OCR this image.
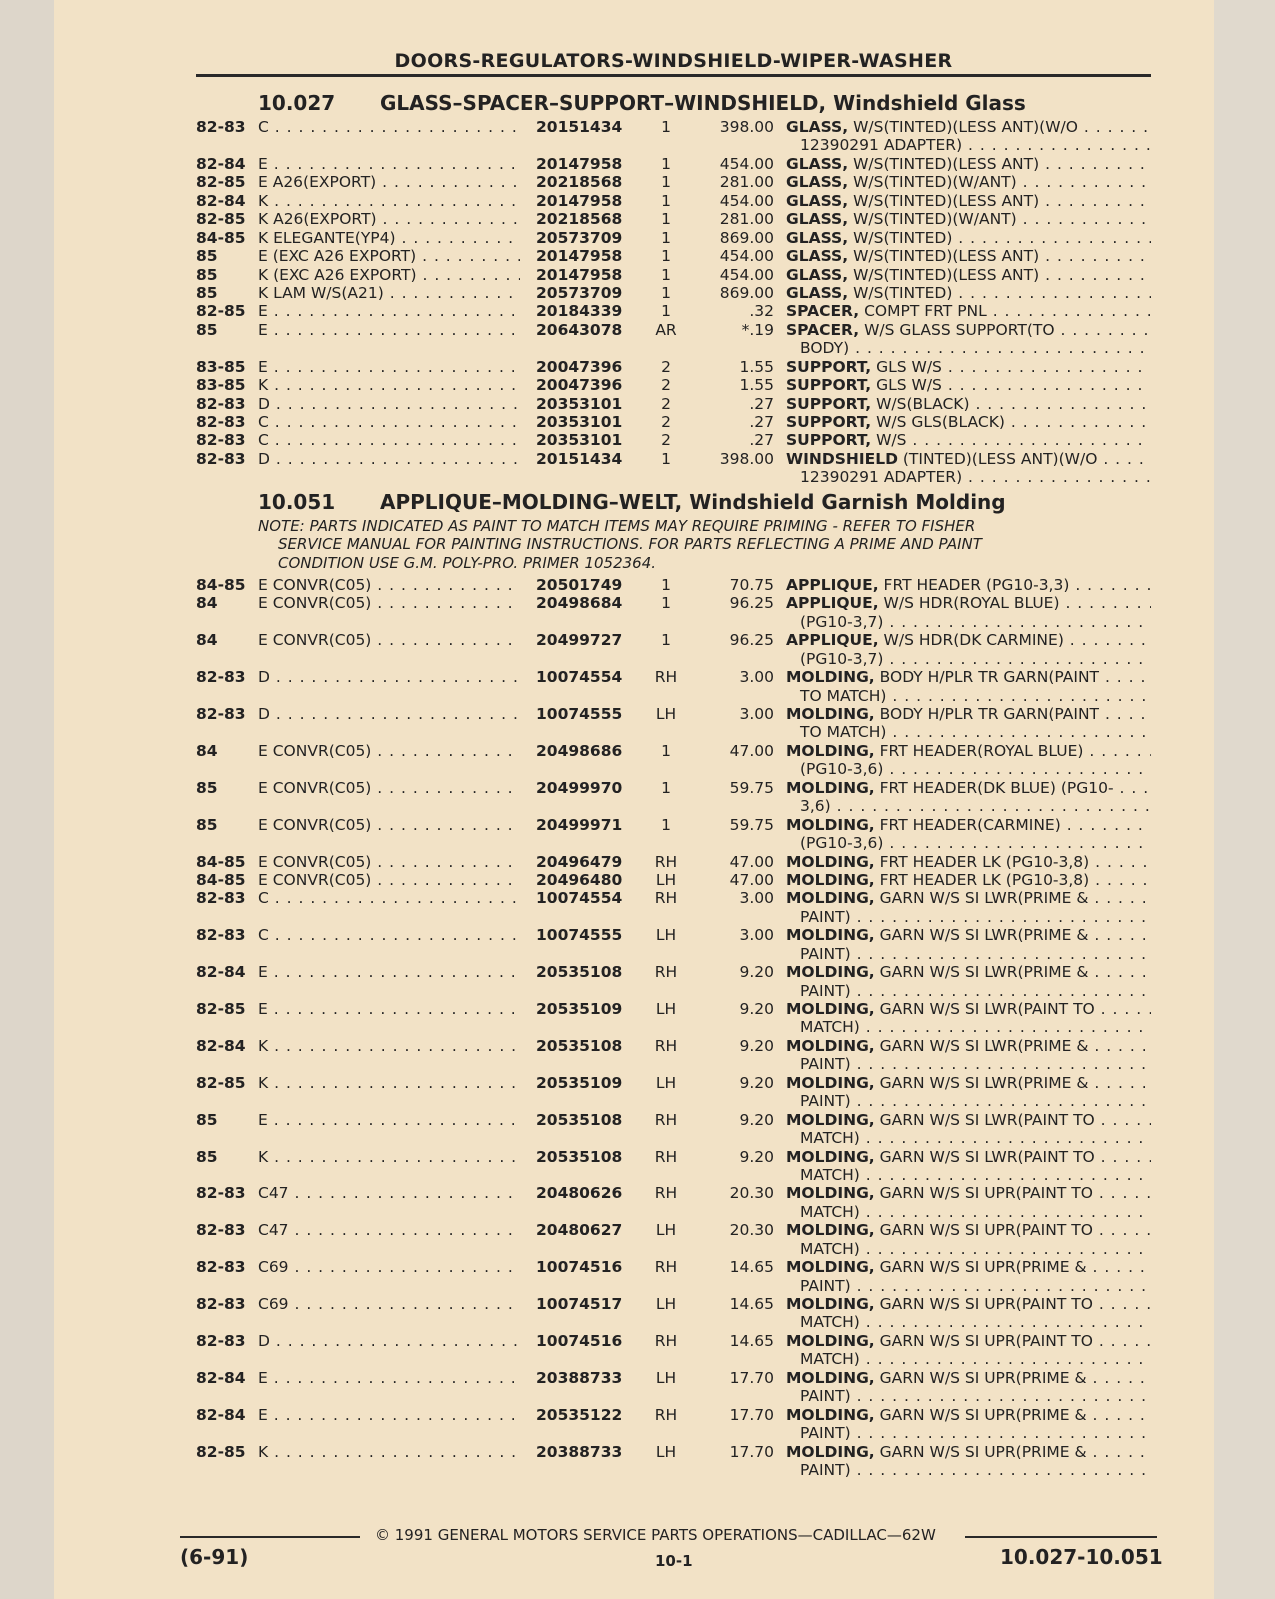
DOORS-REGULATORS-WINDSHIELD-WIPER-WASHER
10.027 GLASS–SPACER–SUPPORT–WINDSHIELD, Windshield Glass
82-83 C . . .	20151434	1	398.00 GLASS, W/S(TINTED)(LESS ANT)(W/O . . .
12390291 ADAPTER) . . .
82-84 E . . .	20147958	1	454.00 GLASS, W/S(TINTED)(LESS ANT) . . .
82-85 E A26(EXPORT) . . .	20218568	1	281.00 GLASS, W/S(TINTED)(W/ANT) . . .
82-84 K . . .	20147958	1	454.00 GLASS, W/S(TINTED)(LESS ANT) . . .
82-85 K A26(EXPORT) . . .	20218568	1	281.00 GLASS, W/S(TINTED)(W/ANT) . . .
84-85 K ELEGANTE(YP4) . . .	20573709	1	869.00 GLASS, W/S(TINTED) . . .
85	E (EXC A26 EXPORT) . . .	20147958	1	454.00 GLASS, W/S(TINTED)(LESS ANT) . . .
85	K (EXC A26 EXPORT) . . .	20147958	1	454.00 GLASS, W/S(TINTED)(LESS ANT) . . .
85	K LAM W/S(A21) . . .	20573709	1	869.00 GLASS, W/S(TINTED) . . .
82-85 E . . .	20184339	1	.32 SPACER, COMPT FRT PNL . . .
85	E . . .	20643078	AR	*.19 SPACER, W/S GLASS SUPPORT(TO . . .
BODY) . . .
83-85 E . . .	20047396	2	1.55 SUPPORT, GLS W/S . . .
83-85 K . . .	20047396	2	1.55 SUPPORT, GLS W/S . . .
82-83 D . . .	20353101	2	.27 SUPPORT, W/S(BLACK) . . .
82-83 C . . .	20353101	2	.27 SUPPORT, W/S GLS(BLACK) . . .
82-83 C . . .	20353101	2	.27 SUPPORT, W/S . . .
82-83 D . . .	20151434	1	398.00 WINDSHIELD (TINTED)(LESS ANT)(W/O . . .
12390291 ADAPTER) . . .
10.051 APPLIQUE–MOLDING–WELT, Windshield Garnish Molding
NOTE: PARTS INDICATED AS PAINT TO MATCH ITEMS MAY REQUIRE PRIMING - REFER TO FISHER
SERVICE MANUAL FOR PAINTING INSTRUCTIONS. FOR PARTS REFLECTING A PRIME AND PAINT
CONDITION USE G.M. POLY-PRO. PRIMER 1052364.
84-85 E CONVR(C05) . . .	20501749	1	70.75 APPLIQUE, FRT HEADER (PG10-3,3) . . .
84	E CONVR(C05) . . .	20498684	1	96.25 APPLIQUE, W/S HDR(ROYAL BLUE) . . .
(PG10-3,7) . . .
84	E CONVR(C05) . . .	20499727	1	96.25 APPLIQUE, W/S HDR(DK CARMINE) . . .
(PG10-3,7) . . .
82-83 D . . .	10074554	RH	3.00 MOLDING, BODY H/PLR TR GARN(PAINT . . .
TO MATCH) . . .
82-83 D . . .	10074555	LH	3.00 MOLDING, BODY H/PLR TR GARN(PAINT . . .
TO MATCH) . . .
84	E CONVR(C05) . . .	20498686	1	47.00 MOLDING, FRT HEADER(ROYAL BLUE) . . .
(PG10-3,6) . . .
85	E CONVR(C05) . . .	20499970	1	59.75 MOLDING, FRT HEADER(DK BLUE) (PG10- . . .
3,6) . . .
85	E CONVR(C05) . . .	20499971	1	59.75 MOLDING, FRT HEADER(CARMINE) . . .
(PG10-3,6) . . .
84-85 E CONVR(C05) . . .	20496479	RH	47.00 MOLDING, FRT HEADER LK (PG10-3,8) . . .
84-85 E CONVR(C05) . . .	20496480	LH	47.00 MOLDING, FRT HEADER LK (PG10-3,8) . . .
82-83 C . . .	10074554	RH	3.00 MOLDING, GARN W/S SI LWR(PRIME & . . .
PAINT) . . .
82-83 C . . .	10074555	LH	3.00 MOLDING, GARN W/S SI LWR(PRIME & . . .
PAINT) . . .
82-84 E . . .	20535108	RH	9.20 MOLDING, GARN W/S SI LWR(PRIME & . . .
PAINT) . . .
82-85 E . . .	20535109	LH	9.20 MOLDING, GARN W/S SI LWR(PAINT TO . . .
MATCH) . . .
82-84 K . . .	20535108	RH	9.20 MOLDING, GARN W/S SI LWR(PRIME & . . .
PAINT) . . .
82-85 K . . .	20535109	LH	9.20 MOLDING, GARN W/S SI LWR(PRIME & . . .
PAINT) . . .
85	E . . .	20535108	RH	9.20 MOLDING, GARN W/S SI LWR(PAINT TO . . .
MATCH) . . .
85	K . . .	20535108	RH	9.20 MOLDING, GARN W/S SI LWR(PAINT TO . . .
MATCH) . . .
82-83 C47 . . .	20480626	RH	20.30 MOLDING, GARN W/S SI UPR(PAINT TO . . .
MATCH) . . .
82-83 C47 . . .	20480627	LH	20.30 MOLDING, GARN W/S SI UPR(PAINT TO . . .
MATCH) . . .
82-83 C69 . . .	10074516	RH	14.65 MOLDING, GARN W/S SI UPR(PRIME & . . .
PAINT) . . .
82-83 C69 . . .	10074517	LH	14.65 MOLDING, GARN W/S SI UPR(PAINT TO . . .
MATCH) . . .
82-83 D . . .	10074516	RH	14.65 MOLDING, GARN W/S SI UPR(PAINT TO . . .
MATCH) . . .
82-84 E . . .	20388733	LH	17.70 MOLDING, GARN W/S SI UPR(PRIME & . . .
PAINT) . . .
82-84 E . . .	20535122	RH	17.70 MOLDING, GARN W/S SI UPR(PRIME & . . .
PAINT) . . .
82-85 K . . .	20388733	LH	17.70 MOLDING, GARN W/S SI UPR(PRIME & . . .
PAINT) . . .
© 1991 GENERAL MOTORS SERVICE PARTS OPERATIONS—CADILLAC—62W
(6-91)	10-1	10.027-10.051
